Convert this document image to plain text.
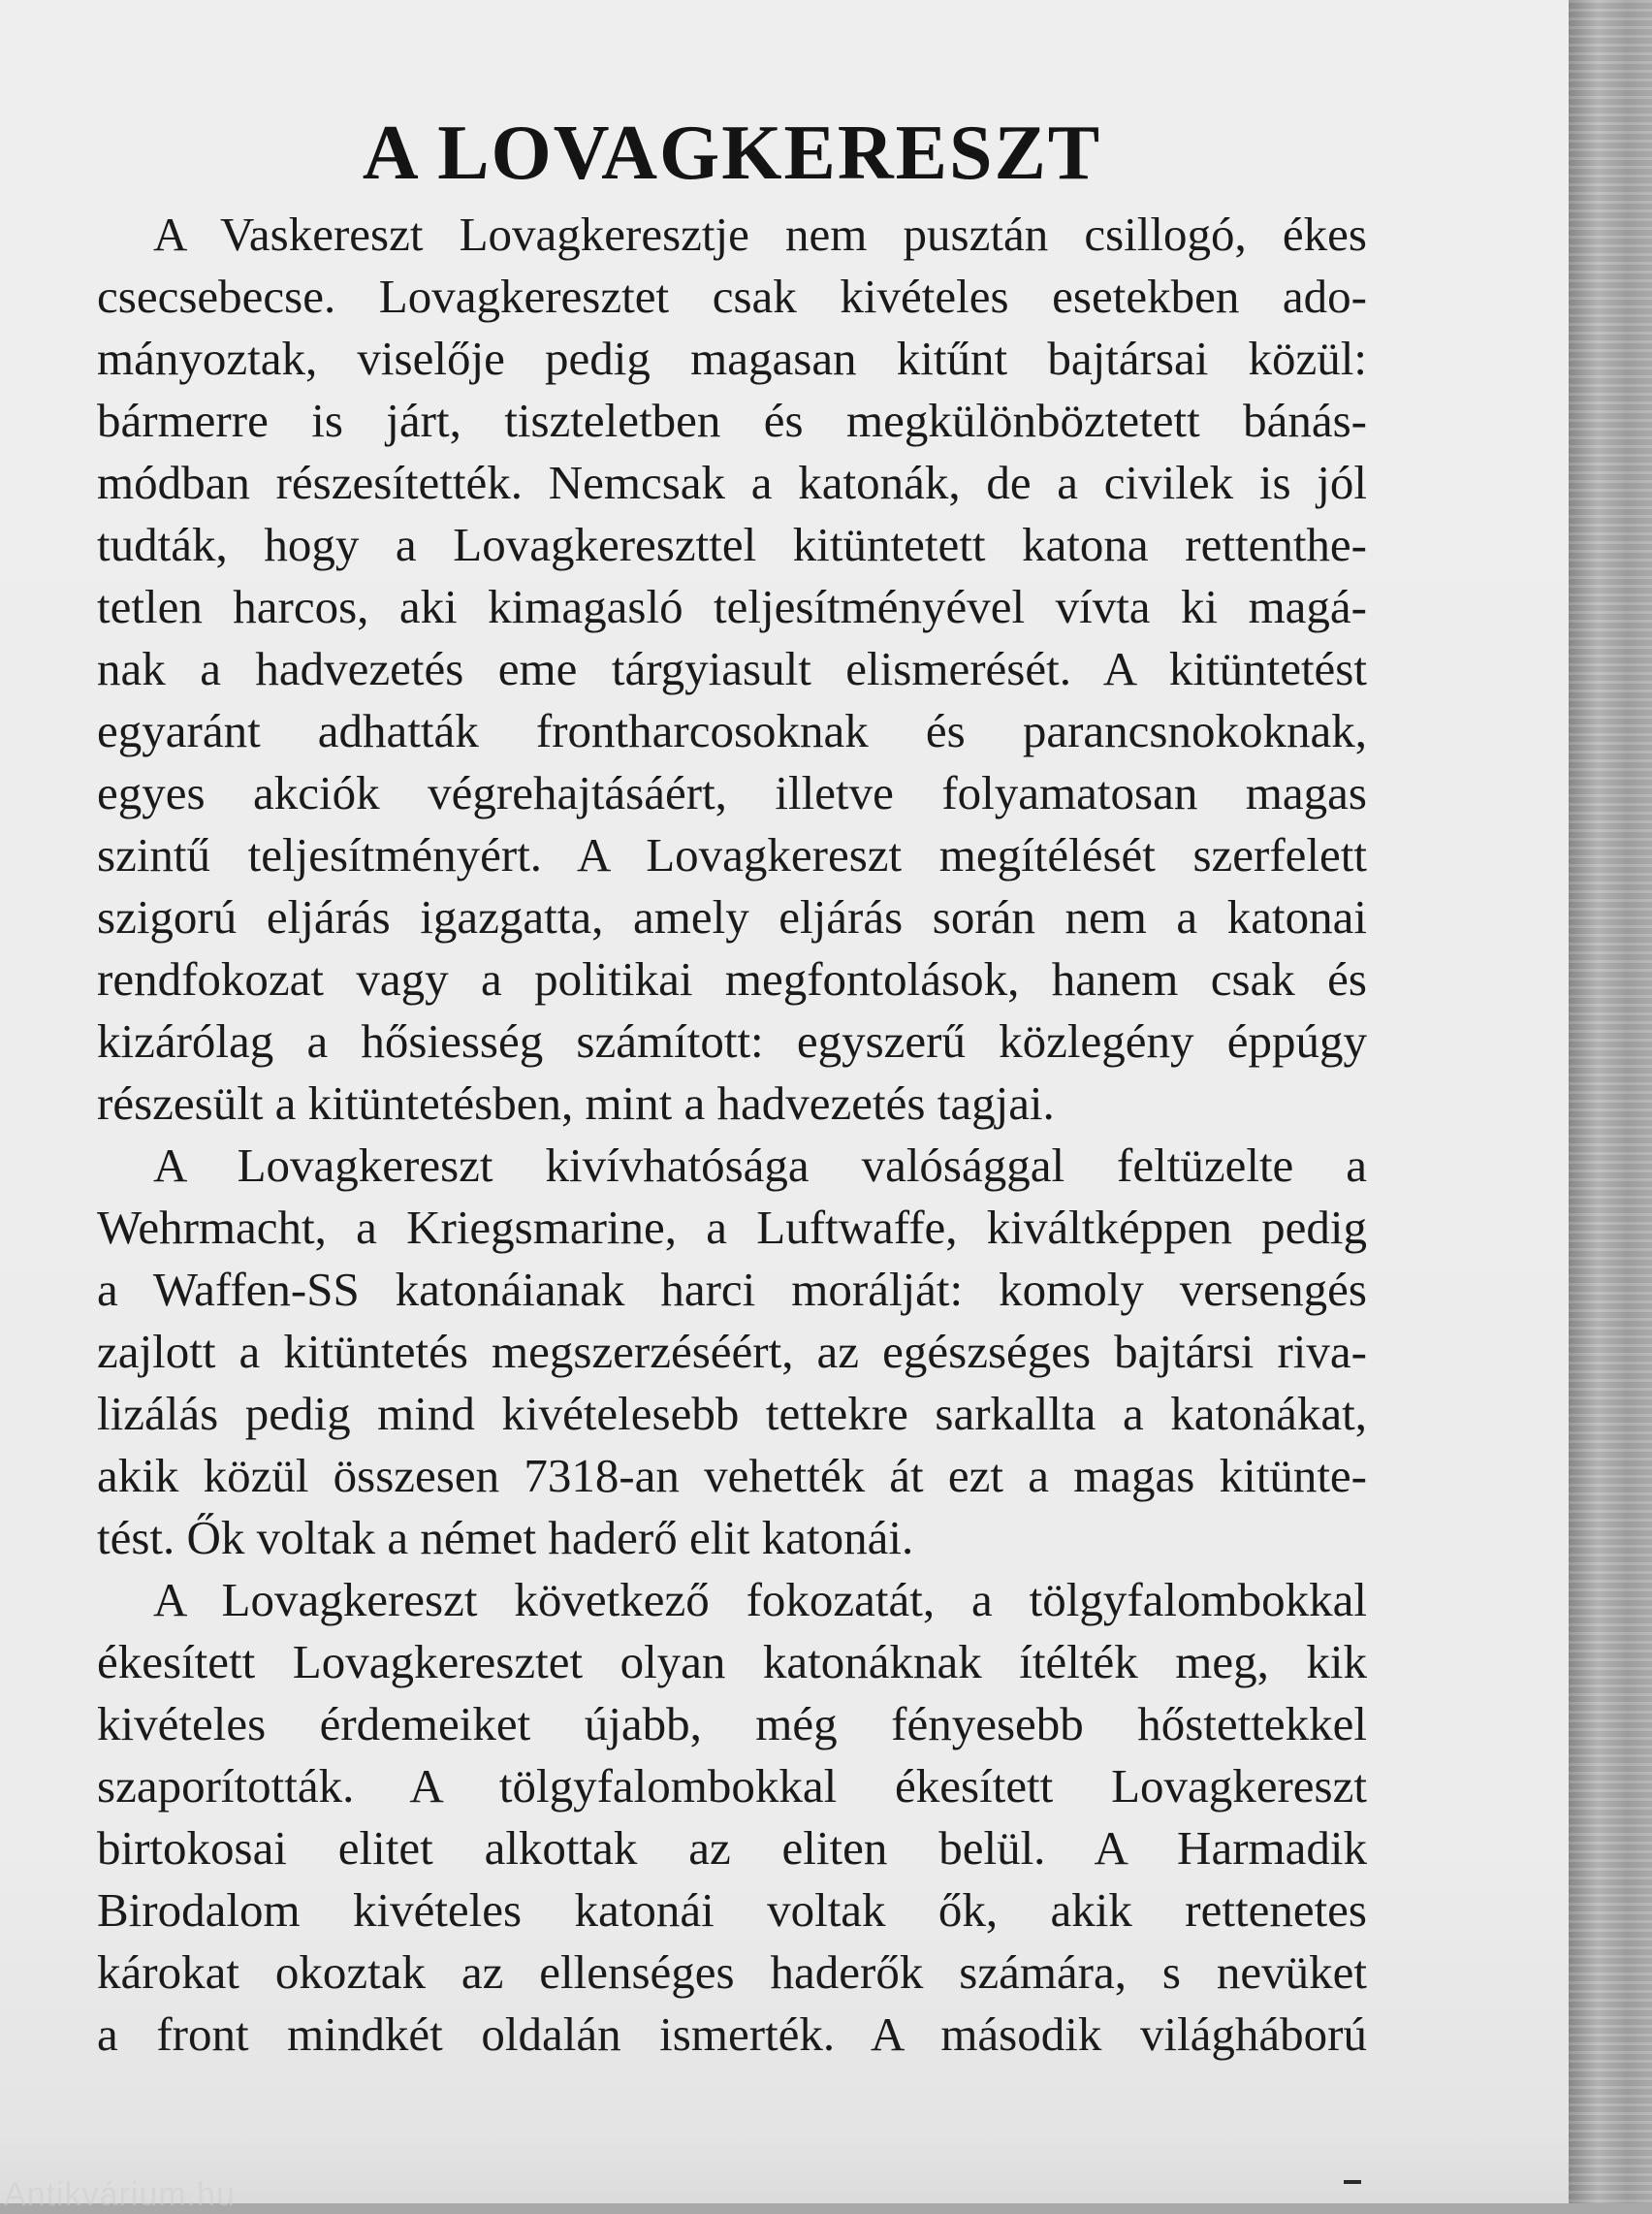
A LOVAGKERESZT
A Vaskereszt Lovagkeresztje nem pusztán csillogó, ékes
csecsebecse. Lovagkeresztet csak kivételes esetekben ado-
mányoztak, viselője pedig magasan kitűnt bajtársai közül:
bármerre is járt, tiszteletben és megkülönböztetett bánás-
módban részesítették. Nemcsak a katonák, de a civilek is jól
tudták, hogy a Lovagkereszttel kitüntetett katona rettenthe-
tetlen harcos, aki kimagasló teljesítményével vívta ki magá-
nak a hadvezetés eme tárgyiasult elismerését. A kitüntetést
egyaránt adhatták frontharcosoknak és parancsnokoknak,
egyes akciók végrehajtásáért, illetve folyamatosan magas
szintű teljesítményért. A Lovagkereszt megítélését szerfelett
szigorú eljárás igazgatta, amely eljárás során nem a katonai
rendfokozat vagy a politikai megfontolások, hanem csak és
kizárólag a hősiesség számított: egyszerű közlegény éppúgy
részesült a kitüntetésben, mint a hadvezetés tagjai.
A Lovagkereszt kivívhatósága valósággal feltüzelte a
Wehrmacht, a Kriegsmarine, a Luftwaffe, kiváltképpen pedig
a Waffen-SS katonáianak harci morálját: komoly versengés
zajlott a kitüntetés megszerzéséért, az egészséges bajtársi riva-
lizálás pedig mind kivételesebb tettekre sarkallta a katonákat,
akik közül összesen 7318-an vehették át ezt a magas kitünte-
tést. Ők voltak a német haderő elit katonái.
A Lovagkereszt következő fokozatát, a tölgyfalombokkal
ékesített Lovagkeresztet olyan katonáknak ítélték meg, kik
kivételes érdemeiket újabb, még fényesebb hőstettekkel
szaporították. A tölgyfalombokkal ékesített Lovagkereszt
birtokosai elitet alkottak az eliten belül. A Harmadik
Birodalom kivételes katonái voltak ők, akik rettenetes
károkat okoztak az ellenséges haderők számára, s nevüket
a front mindkét oldalán ismerték. A második világháború
Antikvárium.hu
